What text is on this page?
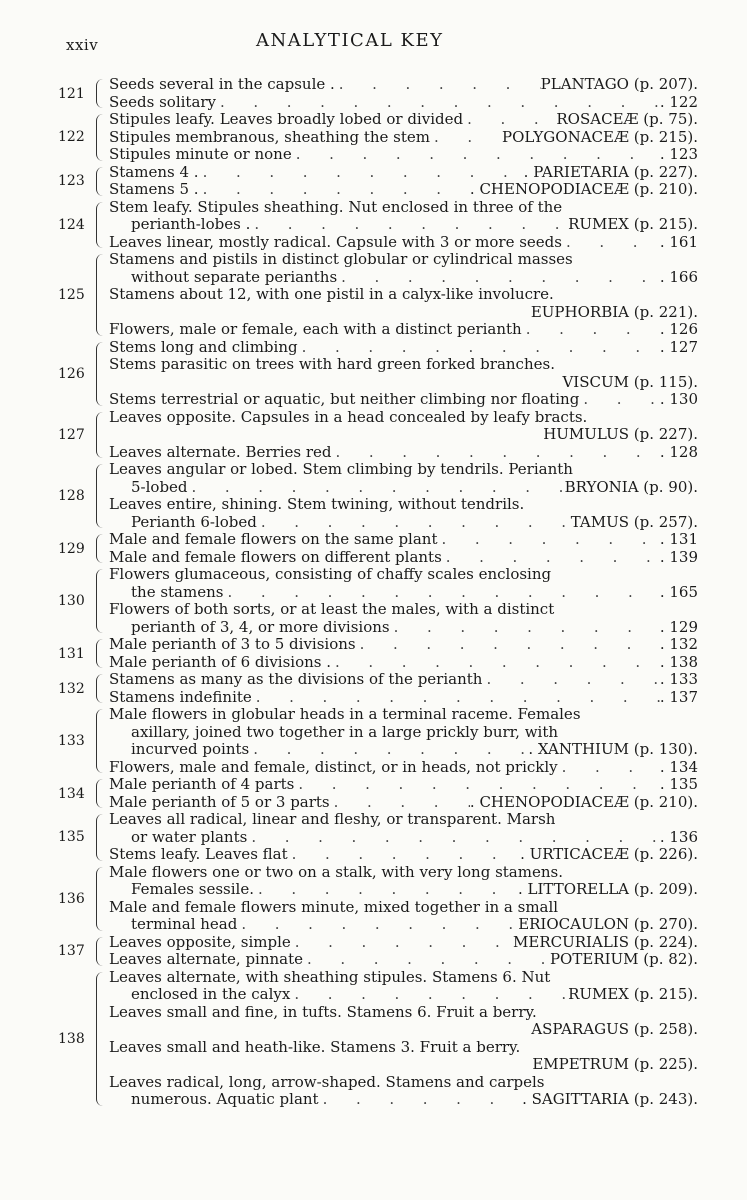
xxiv	ANALYTICAL KEY
121
Seeds several in the capsule . .	PLANTAGO (p. 207).
Seeds solitary .	. 122
122
Stipules leafy. Leaves broadly lobed or divided .	ROSACEÆ (p. 75).
Stipules membranous, sheathing the stem .	POLYGONACEÆ (p. 215).
Stipules minute or none .	. 123
123
Stamens 4 . .	. PARIETARIA (p. 227).
Stamens 5 . .	. CHENOPODIACEÆ (p. 210).
124
Stem leafy. Stipules sheathing. Nut enclosed in three of the
perianth-lobes . .	RUMEX (p. 215).
Leaves linear, mostly radical. Capsule with 3 or more seeds .	. 161
125
Stamens and pistils in distinct globular or cylindrical masses
without separate perianths .	. 166
Stamens about 12, with one pistil in a calyx-like involucre.
EUPHORBIA (p. 221).
Flowers, male or female, each with a distinct perianth .	. 126
126
Stems long and climbing .	. 127
Stems parasitic on trees with hard green forked branches.
VISCUM (p. 115).
Stems terrestrial or aquatic, but neither climbing nor floating .	. 130
127
Leaves opposite. Capsules in a head concealed by leafy bracts.
HUMULUS (p. 227).
Leaves alternate. Berries red .	. 128
128
Leaves angular or lobed. Stem climbing by tendrils. Perianth
5-lobed .	BRYONIA (p. 90).
Leaves entire, shining. Stem twining, without tendrils.
Perianth 6-lobed .	TAMUS (p. 257).
129
Male and female flowers on the same plant .	. 131
Male and female flowers on different plants .	. 139
130
Flowers glumaceous, consisting of chaffy scales enclosing
the stamens .	. 165
Flowers of both sorts, or at least the males, with a distinct
perianth of 3, 4, or more divisions .	. 129
131
Male perianth of 3 to 5 divisions .	. 132
Male perianth of 6 divisions . .	. 138
132
Stamens as many as the divisions of the perianth .	. 133
Stamens indefinite .	. 137
133
Male flowers in globular heads in a terminal raceme. Females
axillary, joined two together in a large prickly burr, with
incurved points .	. XANTHIUM (p. 130).
Flowers, male and female, distinct, or in heads, not prickly .	. 134
134
Male perianth of 4 parts .	. 135
Male perianth of 5 or 3 parts .	. CHENOPODIACEÆ (p. 210).
135
Leaves all radical, linear and fleshy, or transparent. Marsh
or water plants .	. 136
Stems leafy. Leaves flat .	. URTICACEÆ (p. 226).
136
Male flowers one or two on a stalk, with very long stamens.
Females sessile. .	. LITTORELLA (p. 209).
Male and female flowers minute, mixed together in a small
terminal head .	ERIOCAULON (p. 270).
137
Leaves opposite, simple .	MERCURIALIS (p. 224).
Leaves alternate, pinnate .	POTERIUM (p. 82).
138
Leaves alternate, with sheathing stipules. Stamens 6. Nut
enclosed in the calyx .	RUMEX (p. 215).
Leaves small and fine, in tufts. Stamens 6. Fruit a berry.
ASPARAGUS (p. 258).
Leaves small and heath-like. Stamens 3. Fruit a berry.
EMPETRUM (p. 225).
Leaves radical, long, arrow-shaped. Stamens and carpels
numerous. Aquatic plant .	. SAGITTARIA (p. 243).
